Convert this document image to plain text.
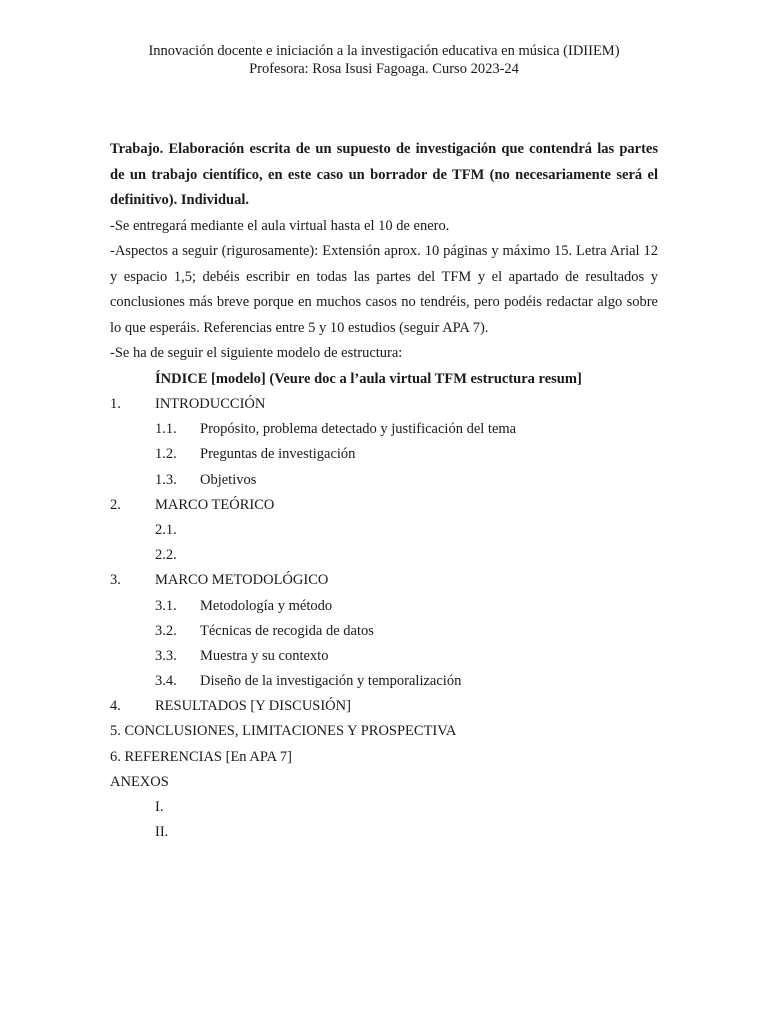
Innovación docente e iniciación a la investigación educativa en música (IDIIEM)
Profesora: Rosa Isusi Fagoaga. Curso 2023-24

Trabajo. Elaboración escrita de un supuesto de investigación que contendrá las partes de un trabajo científico, en este caso un borrador de TFM (no necesariamente será el definitivo). Individual.

-Se entregará mediante el aula virtual hasta el 10 de enero.

-Aspectos a seguir (rigurosamente): Extensión aprox. 10 páginas y máximo 15. Letra Arial 12 y espacio 1,5; debéis escribir en todas las partes del TFM y el apartado de resultados y conclusiones más breve porque en muchos casos no tendréis, pero podéis redactar algo sobre lo que esperáis. Referencias entre 5 y 10 estudios (seguir APA 7).

-Se ha de seguir el siguiente modelo de estructura:

ÍNDICE [modelo] (Veure doc a l’aula virtual TFM estructura resum]

1. INTRODUCCIÓN
1.1. Propósito, problema detectado y justificación del tema
1.2. Preguntas de investigación
1.3. Objetivos
2. MARCO TEÓRICO
2.1.
2.2.
3. MARCO METODOLÓGICO
3.1. Metodología y método
3.2. Técnicas de recogida de datos
3.3. Muestra y su contexto
3.4. Diseño de la investigación y temporalización
4. RESULTADOS [Y DISCUSIÓN]
5. CONCLUSIONES, LIMITACIONES Y PROSPECTIVA
6. REFERENCIAS [En APA 7]
ANEXOS
I.
II.
